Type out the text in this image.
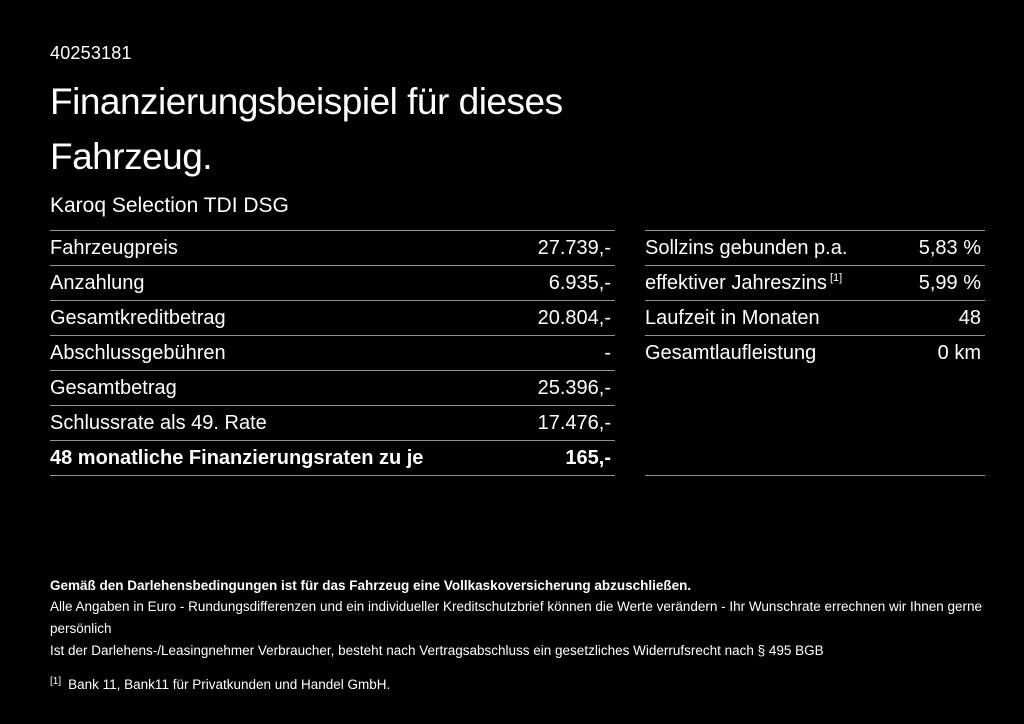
40253181
Finanzierungsbeispiel für dieses Fahrzeug.
Karoq Selection TDI DSG
Fahrzeugpreis	27.739,-
Anzahlung	6.935,-
Gesamtkreditbetrag	20.804,-
Abschlussgebühren	-
Gesamtbetrag	25.396,-
Schlussrate als 49. Rate	17.476,-
48 monatliche Finanzierungsraten zu je	165,-
Sollzins gebunden p.a.	5,83 %
effektiver Jahreszins [1]	5,99 %
Laufzeit in Monaten	48
Gesamtlaufleistung	0 km

Gemäß den Darlehensbedingungen ist für das Fahrzeug eine Vollkaskoversicherung abzuschließen.

Alle Angaben in Euro - Rundungsdifferenzen und ein individueller Kreditschutzbrief können die Werte verändern - Ihr Wunschrate errechnen wir Ihnen gerne persönlich

Ist der Darlehens-/Leasingnehmer Verbraucher, besteht nach Vertragsabschluss ein gesetzliches Widerrufsrecht nach § 495 BGB

[1] Bank 11, Bank11 für Privatkunden und Handel GmbH.
